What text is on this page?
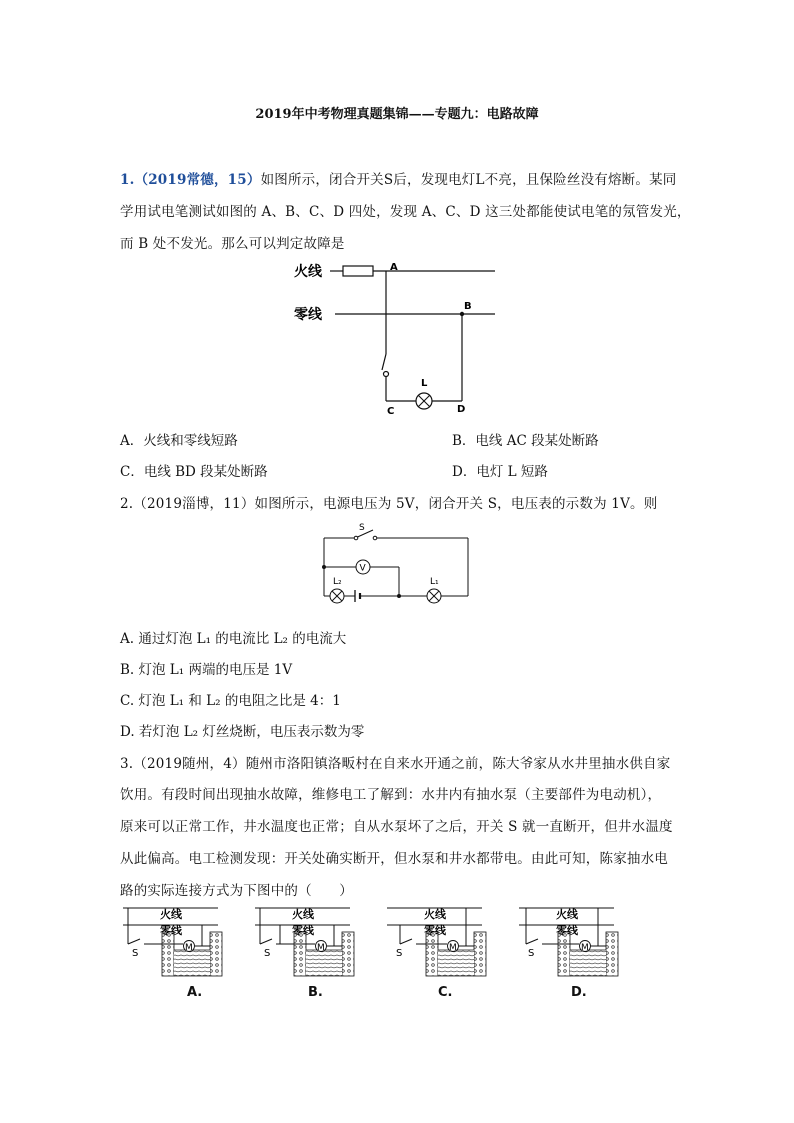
2019年中考物理真题集锦——专题九：电路故障
1.（2019常德，15）如图所示，闭合开关S后，发现电灯L不亮，且保险丝没有熔断。某同
学用试电笔测试如图的 A、B、C、D 四处，发现 A、C、D 这三处都能使试电笔的氖管发光，
而 B 处不发光。那么可以判定故障是
火线	A
零线
B
L
C	D
A．火线和零线短路	B．电线 AC 段某处断路
C．电线 BD 段某处断路	D．电灯 L 短路
2.（2019淄博，11）如图所示，电源电压为 5V，闭合开关 S，电压表的示数为 1V。则
S
L₂
V
L₁
A. 通过灯泡 L₁ 的电流比 L₂ 的电流大
B. 灯泡 L₁ 两端的电压是 1V
C. 灯泡 L₁ 和 L₂ 的电阻之比是 4：1
D. 若灯泡 L₂ 灯丝烧断，电压表示数为零
3.（2019随州，4）随州市洛阳镇洛畈村在自来水开通之前，陈大爷家从水井里抽水供自家
饮用。有段时间出现抽水故障，维修电工了解到：水井内有抽水泵（主要部件为电动机），
原来可以正常工作，井水温度也正常；自从水泵坏了之后，开关 S 就一直断开，但井水温度
从此偏高。电工检测发现：开关处确实断开，但水泵和井水都带电。由此可知，陈家抽水电
路的实际连接方式为下图中的（　　）
火线
零线
S	M
火线
零线
S	M
火线
零线
S	M
火线
零线
S	M
A.	B.	C.	D.
